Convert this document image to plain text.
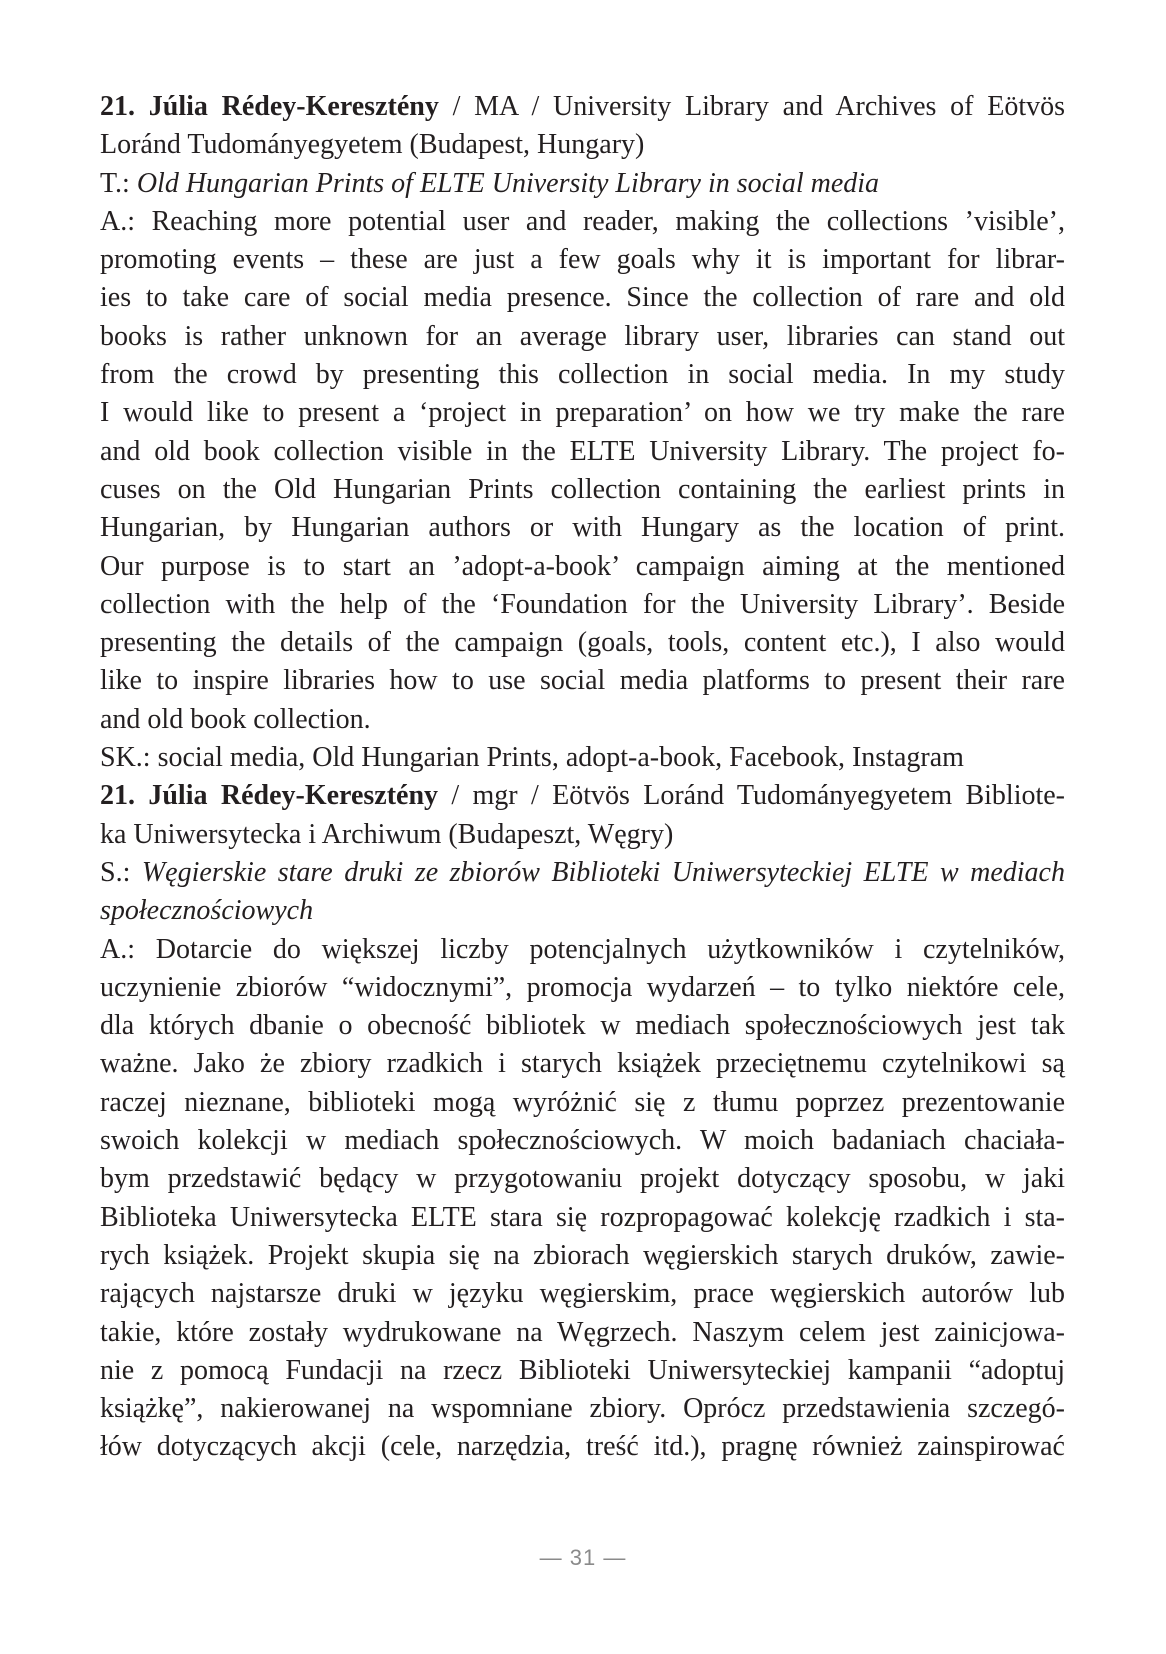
21. Júlia Rédey-Keresztény / MA / University Library and Archives of Eötvös
Loránd Tudományegyetem (Budapest, Hungary)
T.: Old Hungarian Prints of ELTE University Library in social media
A.: Reaching more potential user and reader, making the collections ’visible’,
promoting events – these are just a few goals why it is important for librar-
ies to take care of social media presence. Since the collection of rare and old
books is rather unknown for an average library user, libraries can stand out
from the crowd by presenting this collection in social media. In my study
I would like to present a ‘project in preparation’ on how we try make the rare
and old book collection visible in the ELTE University Library. The project fo-
cuses on the Old Hungarian Prints collection containing the earliest prints in
Hungarian, by Hungarian authors or with Hungary as the location of print.
Our purpose is to start an ’adopt-a-book’ campaign aiming at the mentioned
collection with the help of the ‘Foundation for the University Library’. Beside
presenting the details of the campaign (goals, tools, content etc.), I also would
like to inspire libraries how to use social media platforms to present their rare
and old book collection.
SK.: social media, Old Hungarian Prints, adopt-a-book, Facebook, Instagram
21. Júlia Rédey-Keresztény / mgr / Eötvös Loránd Tudományegyetem Bibliote-
ka Uniwersytecka i Archiwum (Budapeszt, Węgry)
S.: Węgierskie stare druki ze zbiorów Biblioteki Uniwersyteckiej ELTE w mediach
społecznościowych
A.: Dotarcie do większej liczby potencjalnych użytkowników i czytelników,
uczynienie zbiorów “widocznymi”, promocja wydarzeń – to tylko niektóre cele,
dla których dbanie o obecność bibliotek w mediach społecznościowych jest tak
ważne. Jako że zbiory rzadkich i starych książek przeciętnemu czytelnikowi są
raczej nieznane, biblioteki mogą wyróżnić się z tłumu poprzez prezentowanie
swoich kolekcji w mediach społecznościowych. W moich badaniach chaciała-
bym przedstawić będący w przygotowaniu projekt dotyczący sposobu, w jaki
Biblioteka Uniwersytecka ELTE stara się rozpropagować kolekcję rzadkich i sta-
rych książek. Projekt skupia się na zbiorach węgierskich starych druków, zawie-
rających najstarsze druki w języku węgierskim, prace węgierskich autorów lub
takie, które zostały wydrukowane na Węgrzech. Naszym celem jest zainicjowa-
nie z pomocą Fundacji na rzecz Biblioteki Uniwersyteckiej kampanii “adoptuj
książkę”, nakierowanej na wspomniane zbiory. Oprócz przedstawienia szczegó-
łów dotyczących akcji (cele, narzędzia, treść itd.), pragnę również zainspirować
— 31 —
